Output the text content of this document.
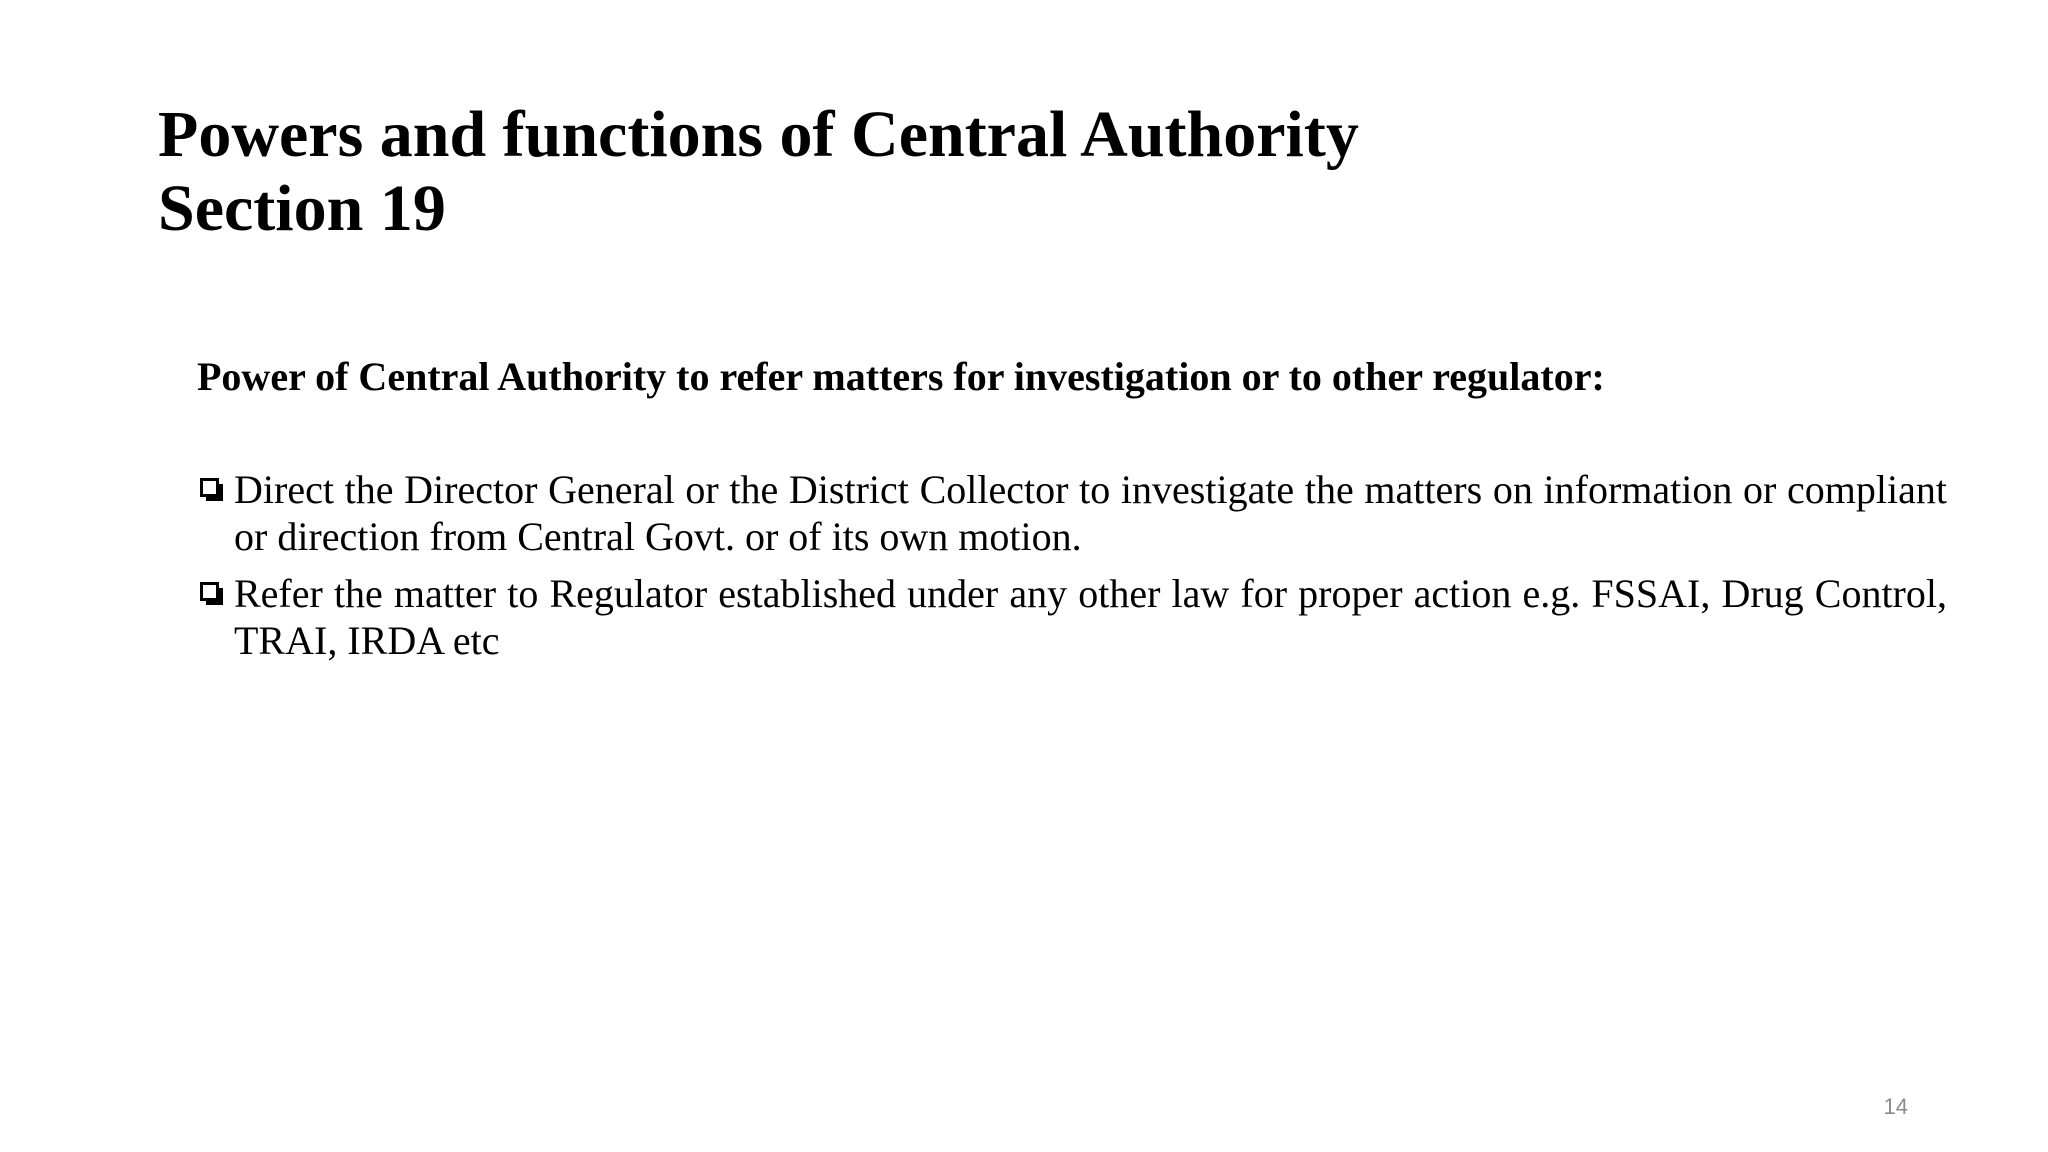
Powers and functions of Central Authority
Section 19

Power of Central Authority to refer matters for investigation or to other regulator:

Direct the Director General or the District Collector to investigate the matters on information or compliant or direction from Central Govt. or of its own motion.
Refer the matter to Regulator established under any other law for proper action e.g. FSSAI, Drug Control, TRAI, IRDA etc
14
